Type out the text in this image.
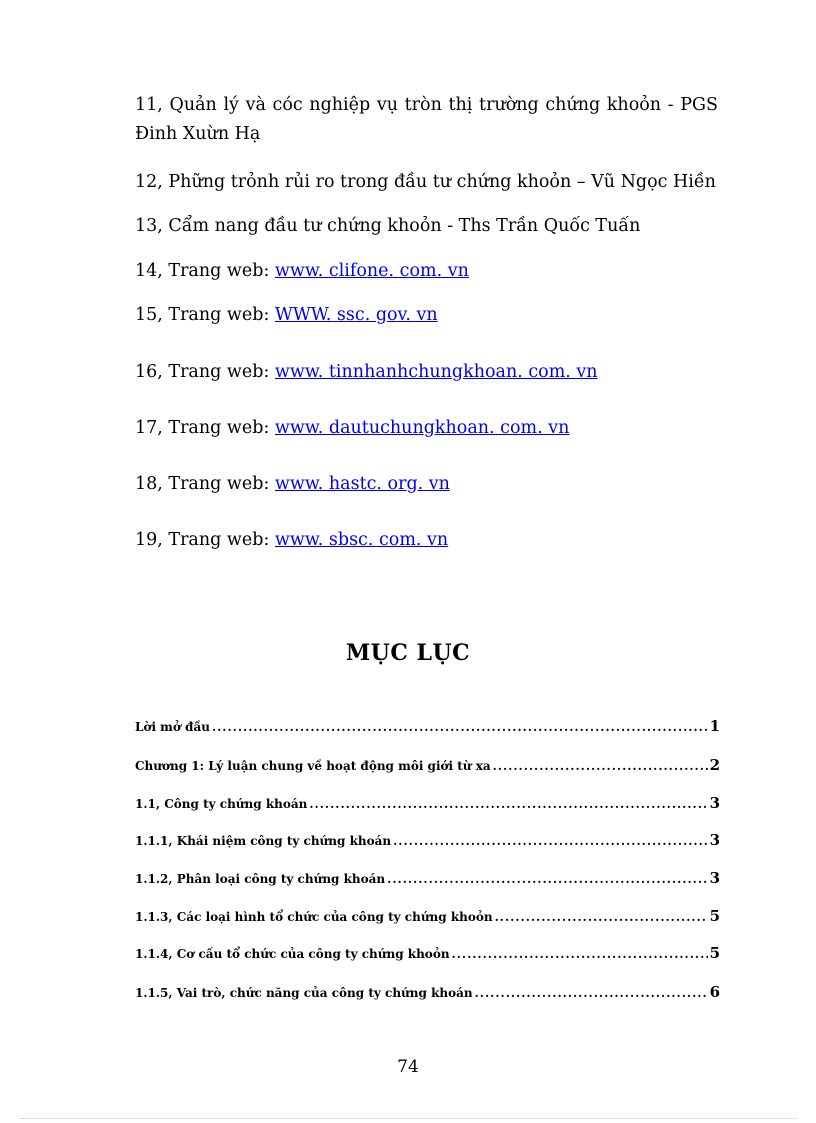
11, Quản lý và cóc nghiệp vụ tròn thị trường chứng khoỏn - PGS Đinh Xuừn Hạ
12, Phững trỏnh rủi ro trong đầu tư chứng khoỏn – Vũ Ngọc Hiền
13, Cẩm nang đầu tư chứng khoỏn - Ths Trần Quốc Tuấn
14, Trang web: www. clifone. com. vn
15, Trang web: WWW. ssc. gov. vn
16, Trang web: www. tinnhanhchungkhoan. com. vn
17, Trang web: www. dautuchungkhoan. com. vn
18, Trang web: www. hastc. org. vn
19, Trang web: www. sbsc. com. vn
MỤC LỤC
Lời mở đầu .....	1
Chương 1: Lý luận chung về hoạt động môi giới từ xa .....	2
1.1, Công ty chứng khoán .....	3
1.1.1, Khái niệm công ty chứng khoán .....	3
1.1.2, Phân loại công ty chứng khoán .....	3
1.1.3, Các loại hình tổ chức của công ty chứng khoỏn .....	5
1.1.4, Cơ cấu tổ chức của công ty chứng khoỏn .....	5
1.1.5, Vai trò, chức năng của công ty chứng khoán .....	6
74
